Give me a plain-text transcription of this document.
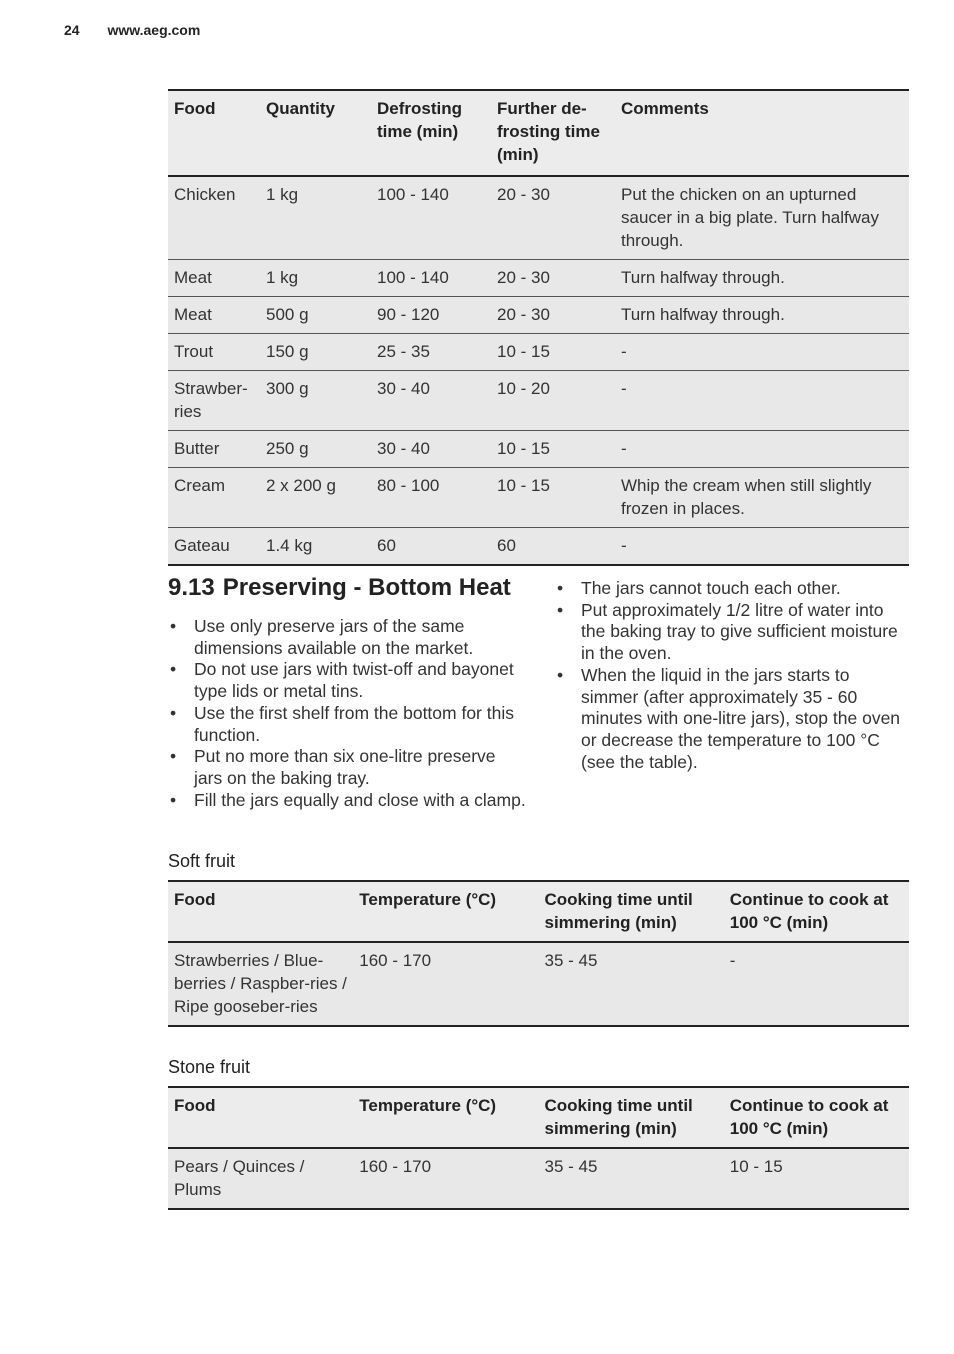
24 www.aeg.com
Food	Quantity	Defrosting time (min)	Further de-frosting time (min)	Comments
Chicken	1 kg	100 - 140	20 - 30	Put the chicken on an upturned saucer in a big plate. Turn halfway through.
Meat	1 kg	100 - 140	20 - 30	Turn halfway through.
Meat	500 g	90 - 120	20 - 30	Turn halfway through.
Trout	150 g	25 - 35	10 - 15	-
Strawber-ries	300 g	30 - 40	10 - 20	-
Butter	250 g	30 - 40	10 - 15	-
Cream	2 x 200 g	80 - 100	10 - 15	Whip the cream when still slightly frozen in places.
Gateau	1.4 kg	60	60	-
9.13 Preserving - Bottom Heat
• Use only preserve jars of the same dimensions available on the market.
• Do not use jars with twist-off and bayonet type lids or metal tins.
• Use the first shelf from the bottom for this function.
• Put no more than six one-litre preserve jars on the baking tray.
• Fill the jars equally and close with a clamp.
• The jars cannot touch each other.
• Put approximately 1/2 litre of water into the baking tray to give sufficient moisture in the oven.
• When the liquid in the jars starts to simmer (after approximately 35 - 60 minutes with one-litre jars), stop the oven or decrease the temperature to 100 °C (see the table).
Soft fruit
Food	Temperature (°C)	Cooking time until simmering (min)	Continue to cook at 100 °C (min)
Strawberries / Blue-berries / Raspber-ries / Ripe gooseber-ries	160 - 170	35 - 45	-
Stone fruit
Food	Temperature (°C)	Cooking time until simmering (min)	Continue to cook at 100 °C (min)
Pears / Quinces / Plums	160 - 170	35 - 45	10 - 15
